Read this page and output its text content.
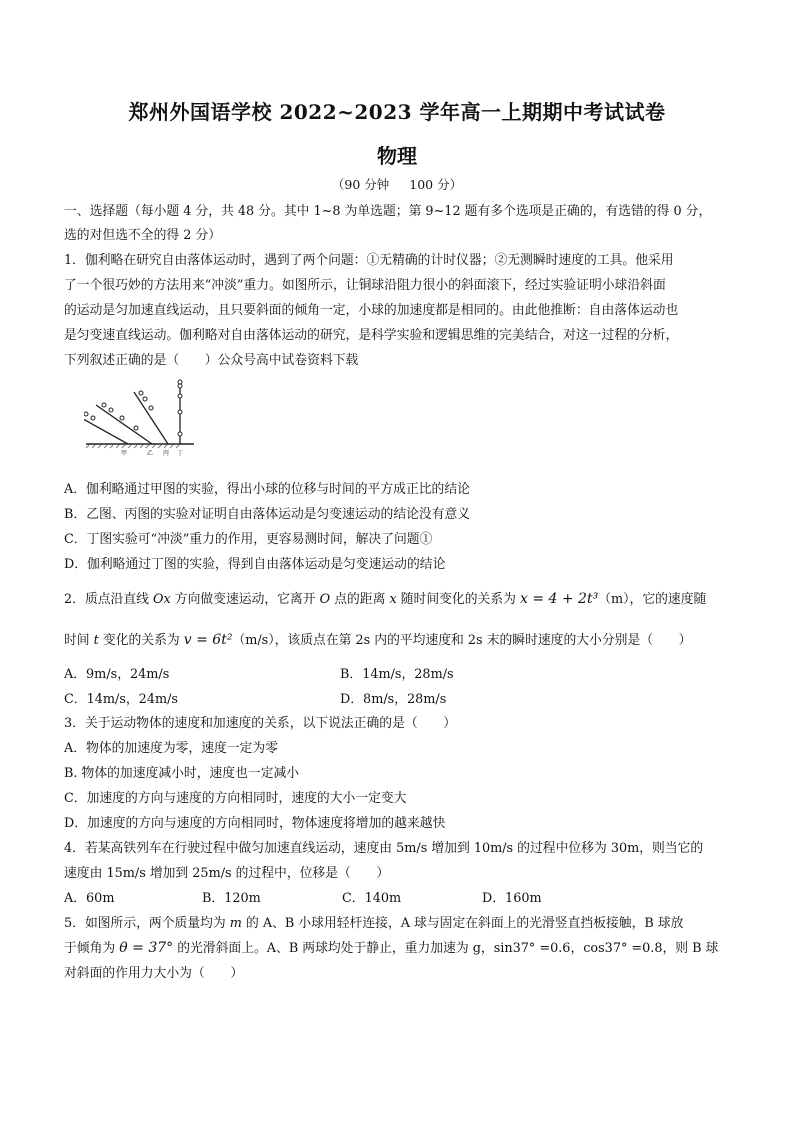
郑州外国语学校 2022~2023 学年高一上期期中考试试卷
物理
（90 分钟 100 分）
一、选择题（每小题 4 分，共 48 分。其中 1~8 为单选题；第 9~12 题有多个选项是正确的，有选错的得 0 分，
选的对但选不全的得 2 分）
1．伽利略在研究自由落体运动时，遇到了两个问题：①无精确的计时仪器；②无测瞬时速度的工具。他采用
了一个很巧妙的方法用来“冲淡”重力。如图所示，让铜球沿阻力很小的斜面滚下，经过实验证明小球沿斜面
的运动是匀加速直线运动，且只要斜面的倾角一定，小球的加速度都是相同的。由此他推断：自由落体运动也
是匀变速直线运动。伽利略对自由落体运动的研究，是科学实验和逻辑思维的完美结合，对这一过程的分析，
下列叙述正确的是（　　）公众号高中试卷资料下载
甲	乙 丙 丁
A．伽利略通过甲图的实验，得出小球的位移与时间的平方成正比的结论
B．乙图、丙图的实验对证明自由落体运动是匀变速运动的结论没有意义
C．丁图实验可“冲淡”重力的作用，更容易测时间，解决了问题①
D．伽利略通过丁图的实验，得到自由落体运动是匀变速运动的结论
2．质点沿直线 Ox 方向做变速运动，它离开 O 点的距离 x 随时间变化的关系为 x = 4 + 2t³（m），它的速度随
时间 t 变化的关系为 v = 6t²（m/s），该质点在第 2s 内的平均速度和 2s 末的瞬时速度的大小分别是（　　）
A．9m/s，24m/s	B．14m/s，28m/s
C．14m/s，24m/s	D．8m/s，28m/s
3．关于运动物体的速度和加速度的关系，以下说法正确的是（　　）
A．物体的加速度为零，速度一定为零
B. 物体的加速度减小时，速度也一定减小
C．加速度的方向与速度的方向相同时，速度的大小一定变大
D．加速度的方向与速度的方向相同时，物体速度将增加的越来越快
4．若某高铁列车在行驶过程中做匀加速直线运动，速度由 5m/s 增加到 10m/s 的过程中位移为 30m，则当它的
速度由 15m/s 增加到 25m/s 的过程中，位移是（　　）
A．60m	B．120m	C．140m	D．160m
5．如图所示，两个质量均为 m 的 A、B 小球用轻杆连接，A 球与固定在斜面上的光滑竖直挡板接触，B 球放
于倾角为 θ = 37° 的光滑斜面上。A、B 两球均处于静止，重力加速为 g，sin37° =0.6，cos37° =0.8，则 B 球
对斜面的作用力大小为（　　）
